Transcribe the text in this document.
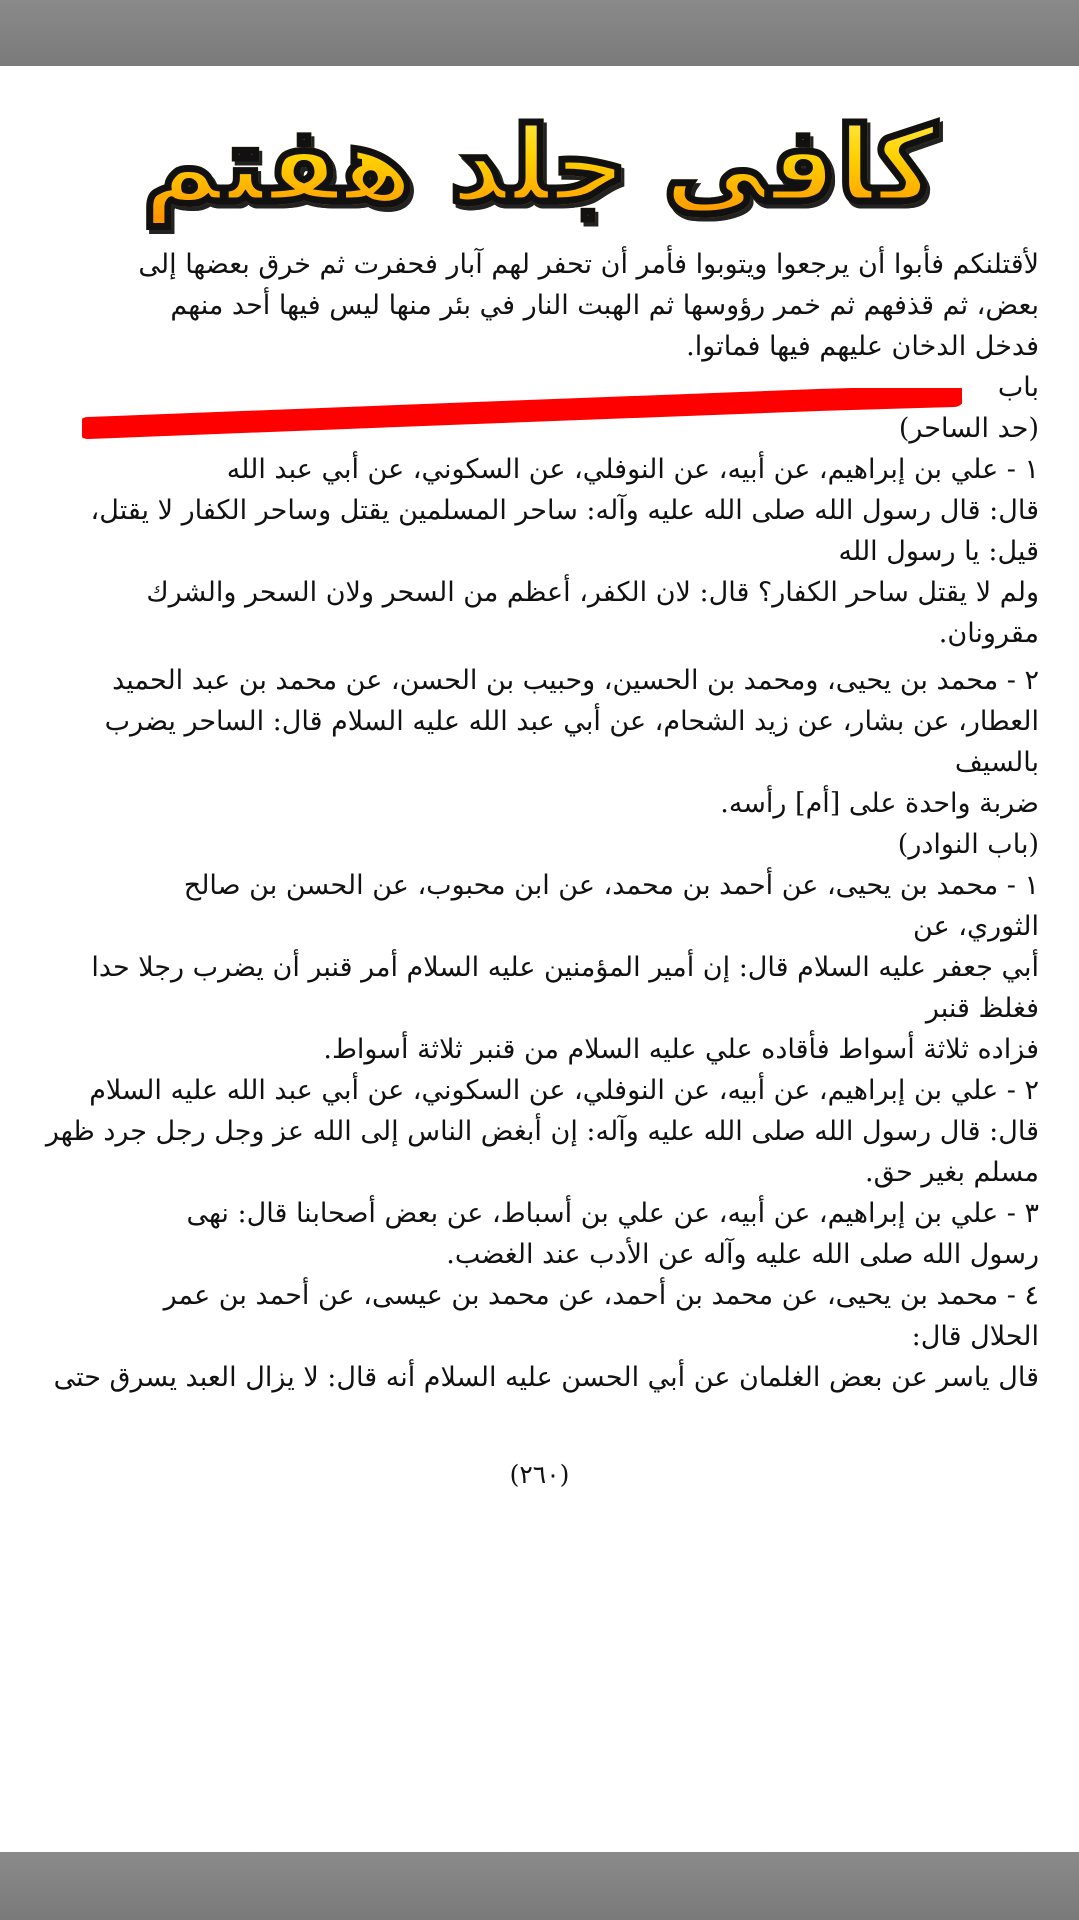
کافی جلد هفتم
لأقتلنكم فأبوا أن يرجعوا ويتوبوا فأمر أن تحفر لهم آبار فحفرت ثم خرق بعضها إلى
بعض، ثم قذفهم ثم خمر رؤوسها ثم الهبت النار في بئر منها ليس فيها أحد منهم
فدخل الدخان عليهم فيها فماتوا.
باب
(حد الساحر)
١ - علي بن إبراهيم، عن أبيه، عن النوفلي، عن السكوني، عن أبي عبد الله
قال: قال رسول الله صلى الله عليه وآله: ساحر المسلمين يقتل وساحر الكفار لا يقتل،
قيل: يا رسول الله
ولم لا يقتل ساحر الكفار؟ قال: لان الكفر، أعظم من السحر ولان السحر والشرك
مقرونان.
٢ - محمد بن يحيى، ومحمد بن الحسين، وحبيب بن الحسن، عن محمد بن عبد الحميد
العطار، عن بشار، عن زيد الشحام، عن أبي عبد الله عليه السلام قال: الساحر يضرب
بالسيف
ضربة واحدة على [أم] رأسه.
(باب النوادر)
١ - محمد بن يحيى، عن أحمد بن محمد، عن ابن محبوب، عن الحسن بن صالح
الثوري، عن
أبي جعفر عليه السلام قال: إن أمير المؤمنين عليه السلام أمر قنبر أن يضرب رجلا حدا
فغلظ قنبر
فزاده ثلاثة أسواط فأقاده علي عليه السلام من قنبر ثلاثة أسواط.
٢ - علي بن إبراهيم، عن أبيه، عن النوفلي، عن السكوني، عن أبي عبد الله عليه السلام
قال: قال رسول الله صلى الله عليه وآله: إن أبغض الناس إلى الله عز وجل رجل جرد ظهر
مسلم بغير حق.
٣ - علي بن إبراهيم، عن أبيه، عن علي بن أسباط، عن بعض أصحابنا قال: نهى
رسول الله صلى الله عليه وآله عن الأدب عند الغضب.
٤ - محمد بن يحيى، عن محمد بن أحمد، عن محمد بن عيسى، عن أحمد بن عمر
الحلال قال:
قال ياسر عن بعض الغلمان عن أبي الحسن عليه السلام أنه قال: لا يزال العبد يسرق حتى
(٢٦٠)
